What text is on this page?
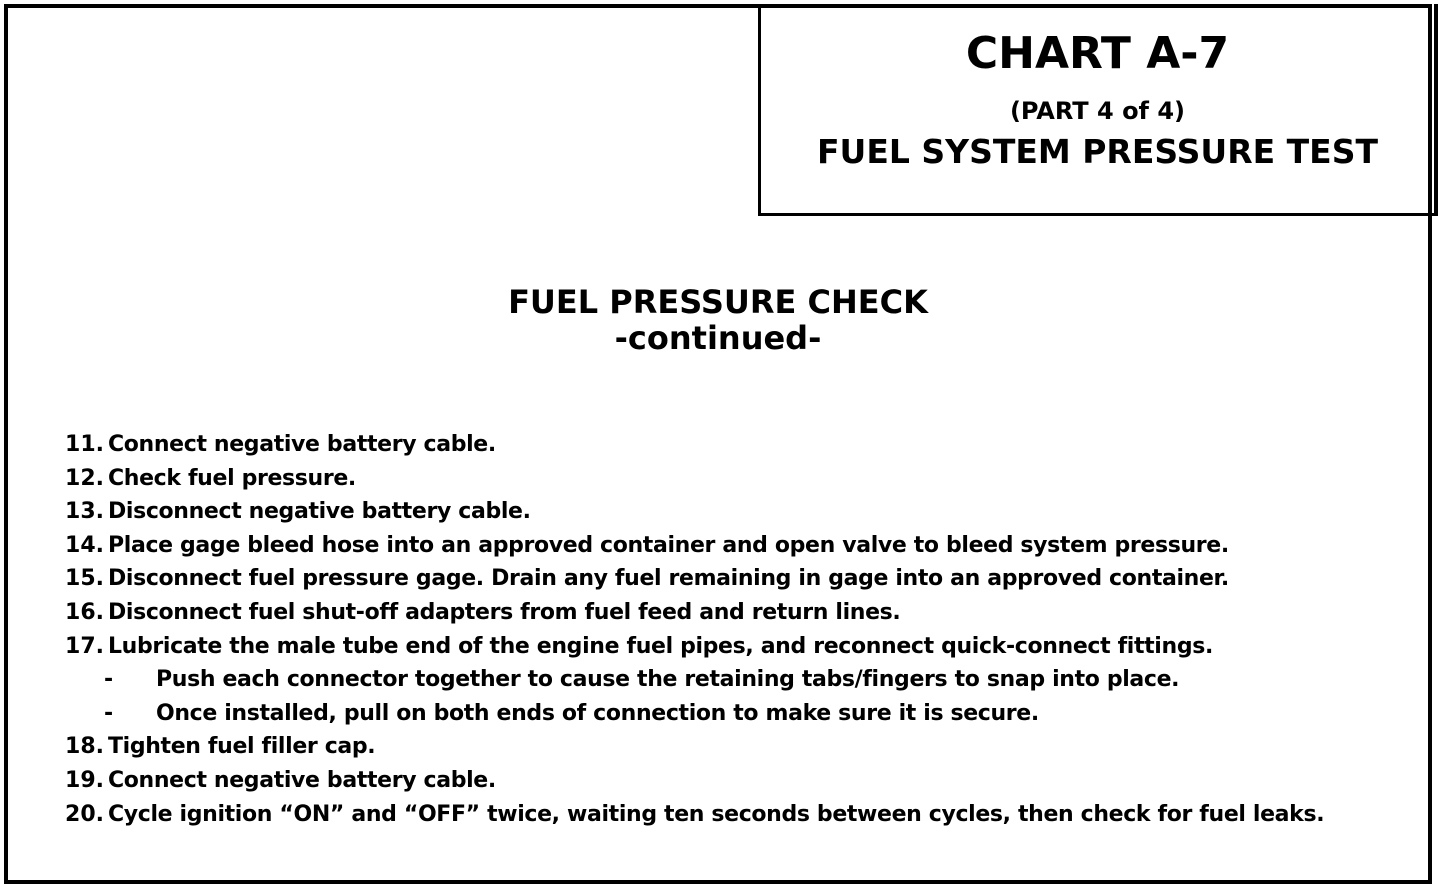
CHART A-7
(PART 4 of 4)
FUEL SYSTEM PRESSURE TEST
FUEL PRESSURE CHECK
-continued-
11. Connect negative battery cable.
12. Check fuel pressure.
13. Disconnect negative battery cable.
14. Place gage bleed hose into an approved container and open valve to bleed system pressure.
15. Disconnect fuel pressure gage. Drain any fuel remaining in gage into an approved container.
16. Disconnect fuel shut-off adapters from fuel feed and return lines.
17. Lubricate the male tube end of the engine fuel pipes, and reconnect quick-connect fittings.
- Push each connector together to cause the retaining tabs/fingers to snap into place.
- Once installed, pull on both ends of connection to make sure it is secure.
18. Tighten fuel filler cap.
19. Connect negative battery cable.
20. Cycle ignition “ON” and “OFF” twice, waiting ten seconds between cycles, then check for fuel leaks.
